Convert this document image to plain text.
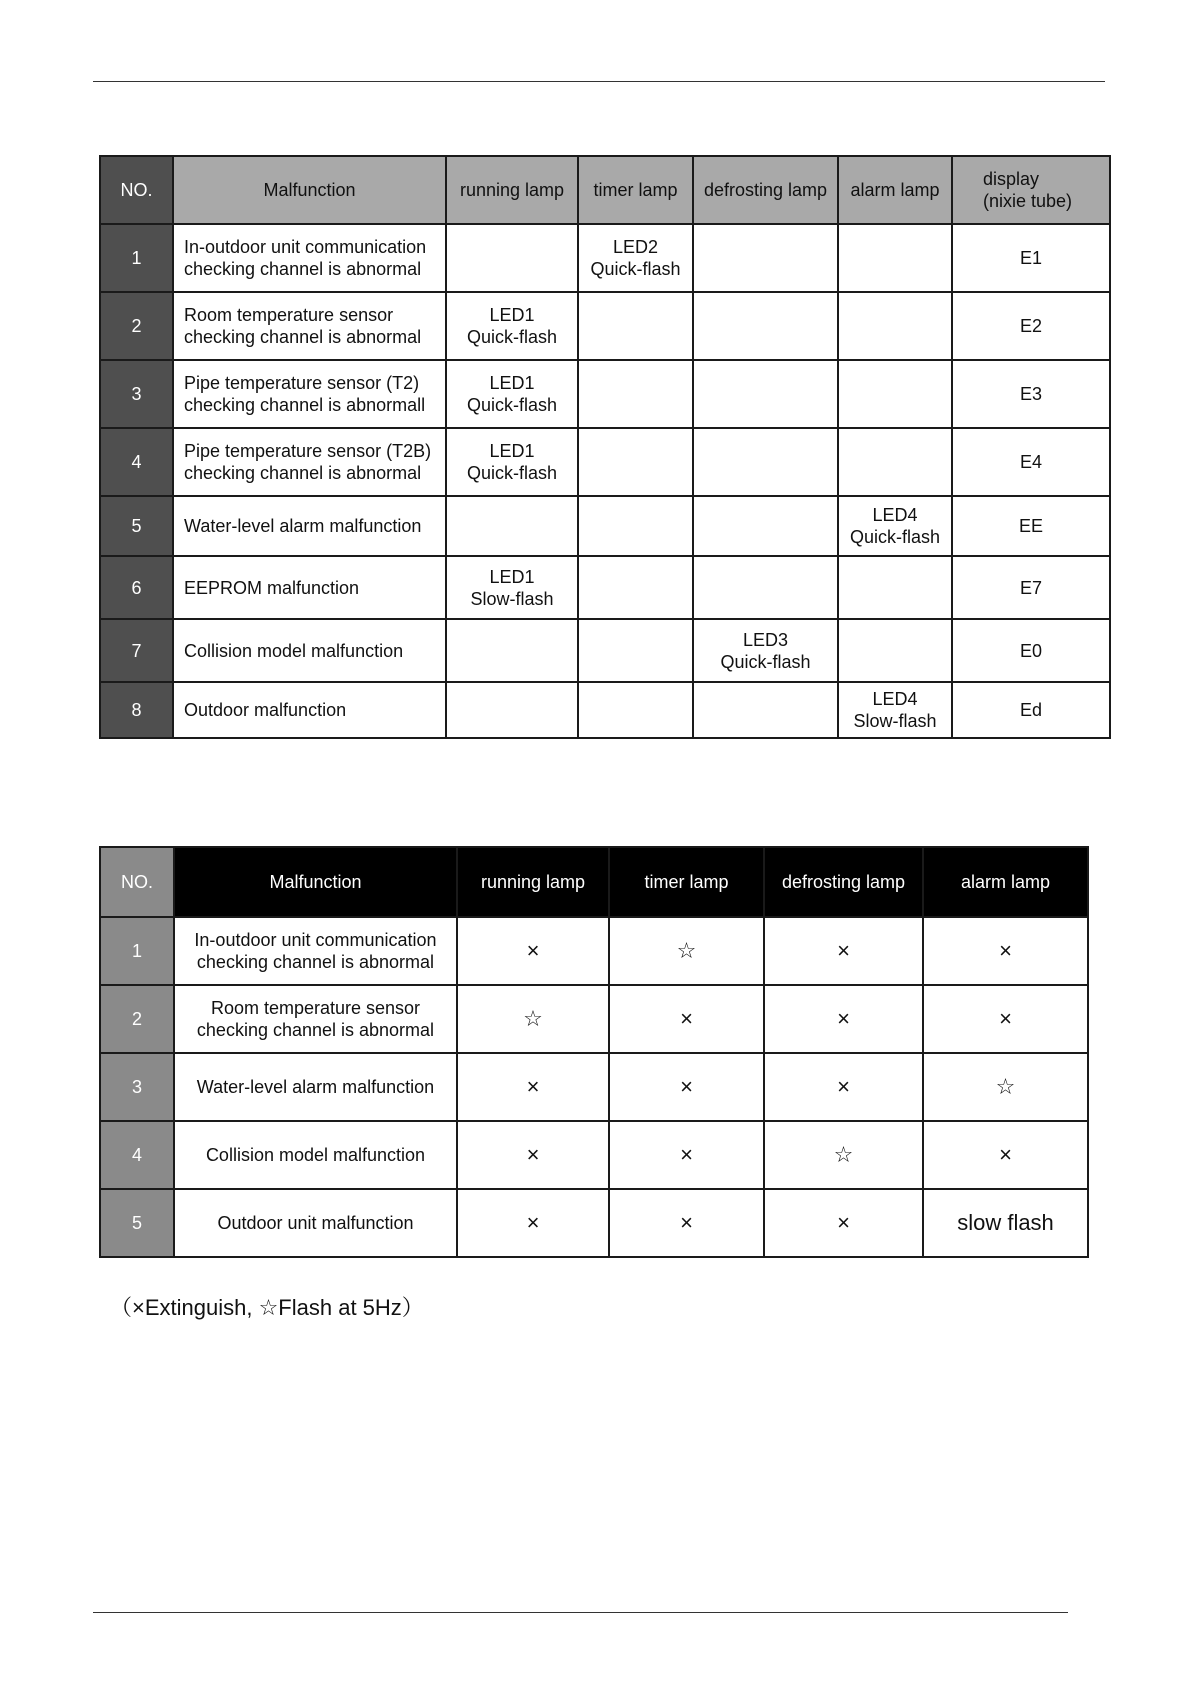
NO.	Malfunction	running lamp	timer lamp	defrosting lamp	alarm lamp	display
(nixie tube)
1	In-outdoor unit communication
checking channel is abnormal		LED2
Quick-flash			E1
2	Room temperature sensor
checking channel is abnormal	LED1
Quick-flash				E2
3	Pipe temperature sensor (T2)
checking channel is abnormall	LED1
Quick-flash				E3
4	Pipe temperature sensor (T2B)
checking channel is abnormal	LED1
Quick-flash				E4
5	Water-level alarm malfunction				LED4
Quick-flash	EE
6	EEPROM malfunction	LED1
Slow-flash				E7
7	Collision model malfunction			LED3
Quick-flash		E0
8	Outdoor malfunction				LED4
Slow-flash	Ed
NO.	Malfunction	running lamp	timer lamp	defrosting lamp	alarm lamp
1	In-outdoor unit communication
checking channel is abnormal	×	☆	×	×
2	Room temperature sensor
checking channel is abnormal	☆	×	×	×
3	Water-level alarm malfunction	×	×	×	☆
4	Collision model malfunction	×	×	☆	×
5	Outdoor unit malfunction	×	×	×	slow flash
（×Extinguish, ☆Flash at 5Hz）
